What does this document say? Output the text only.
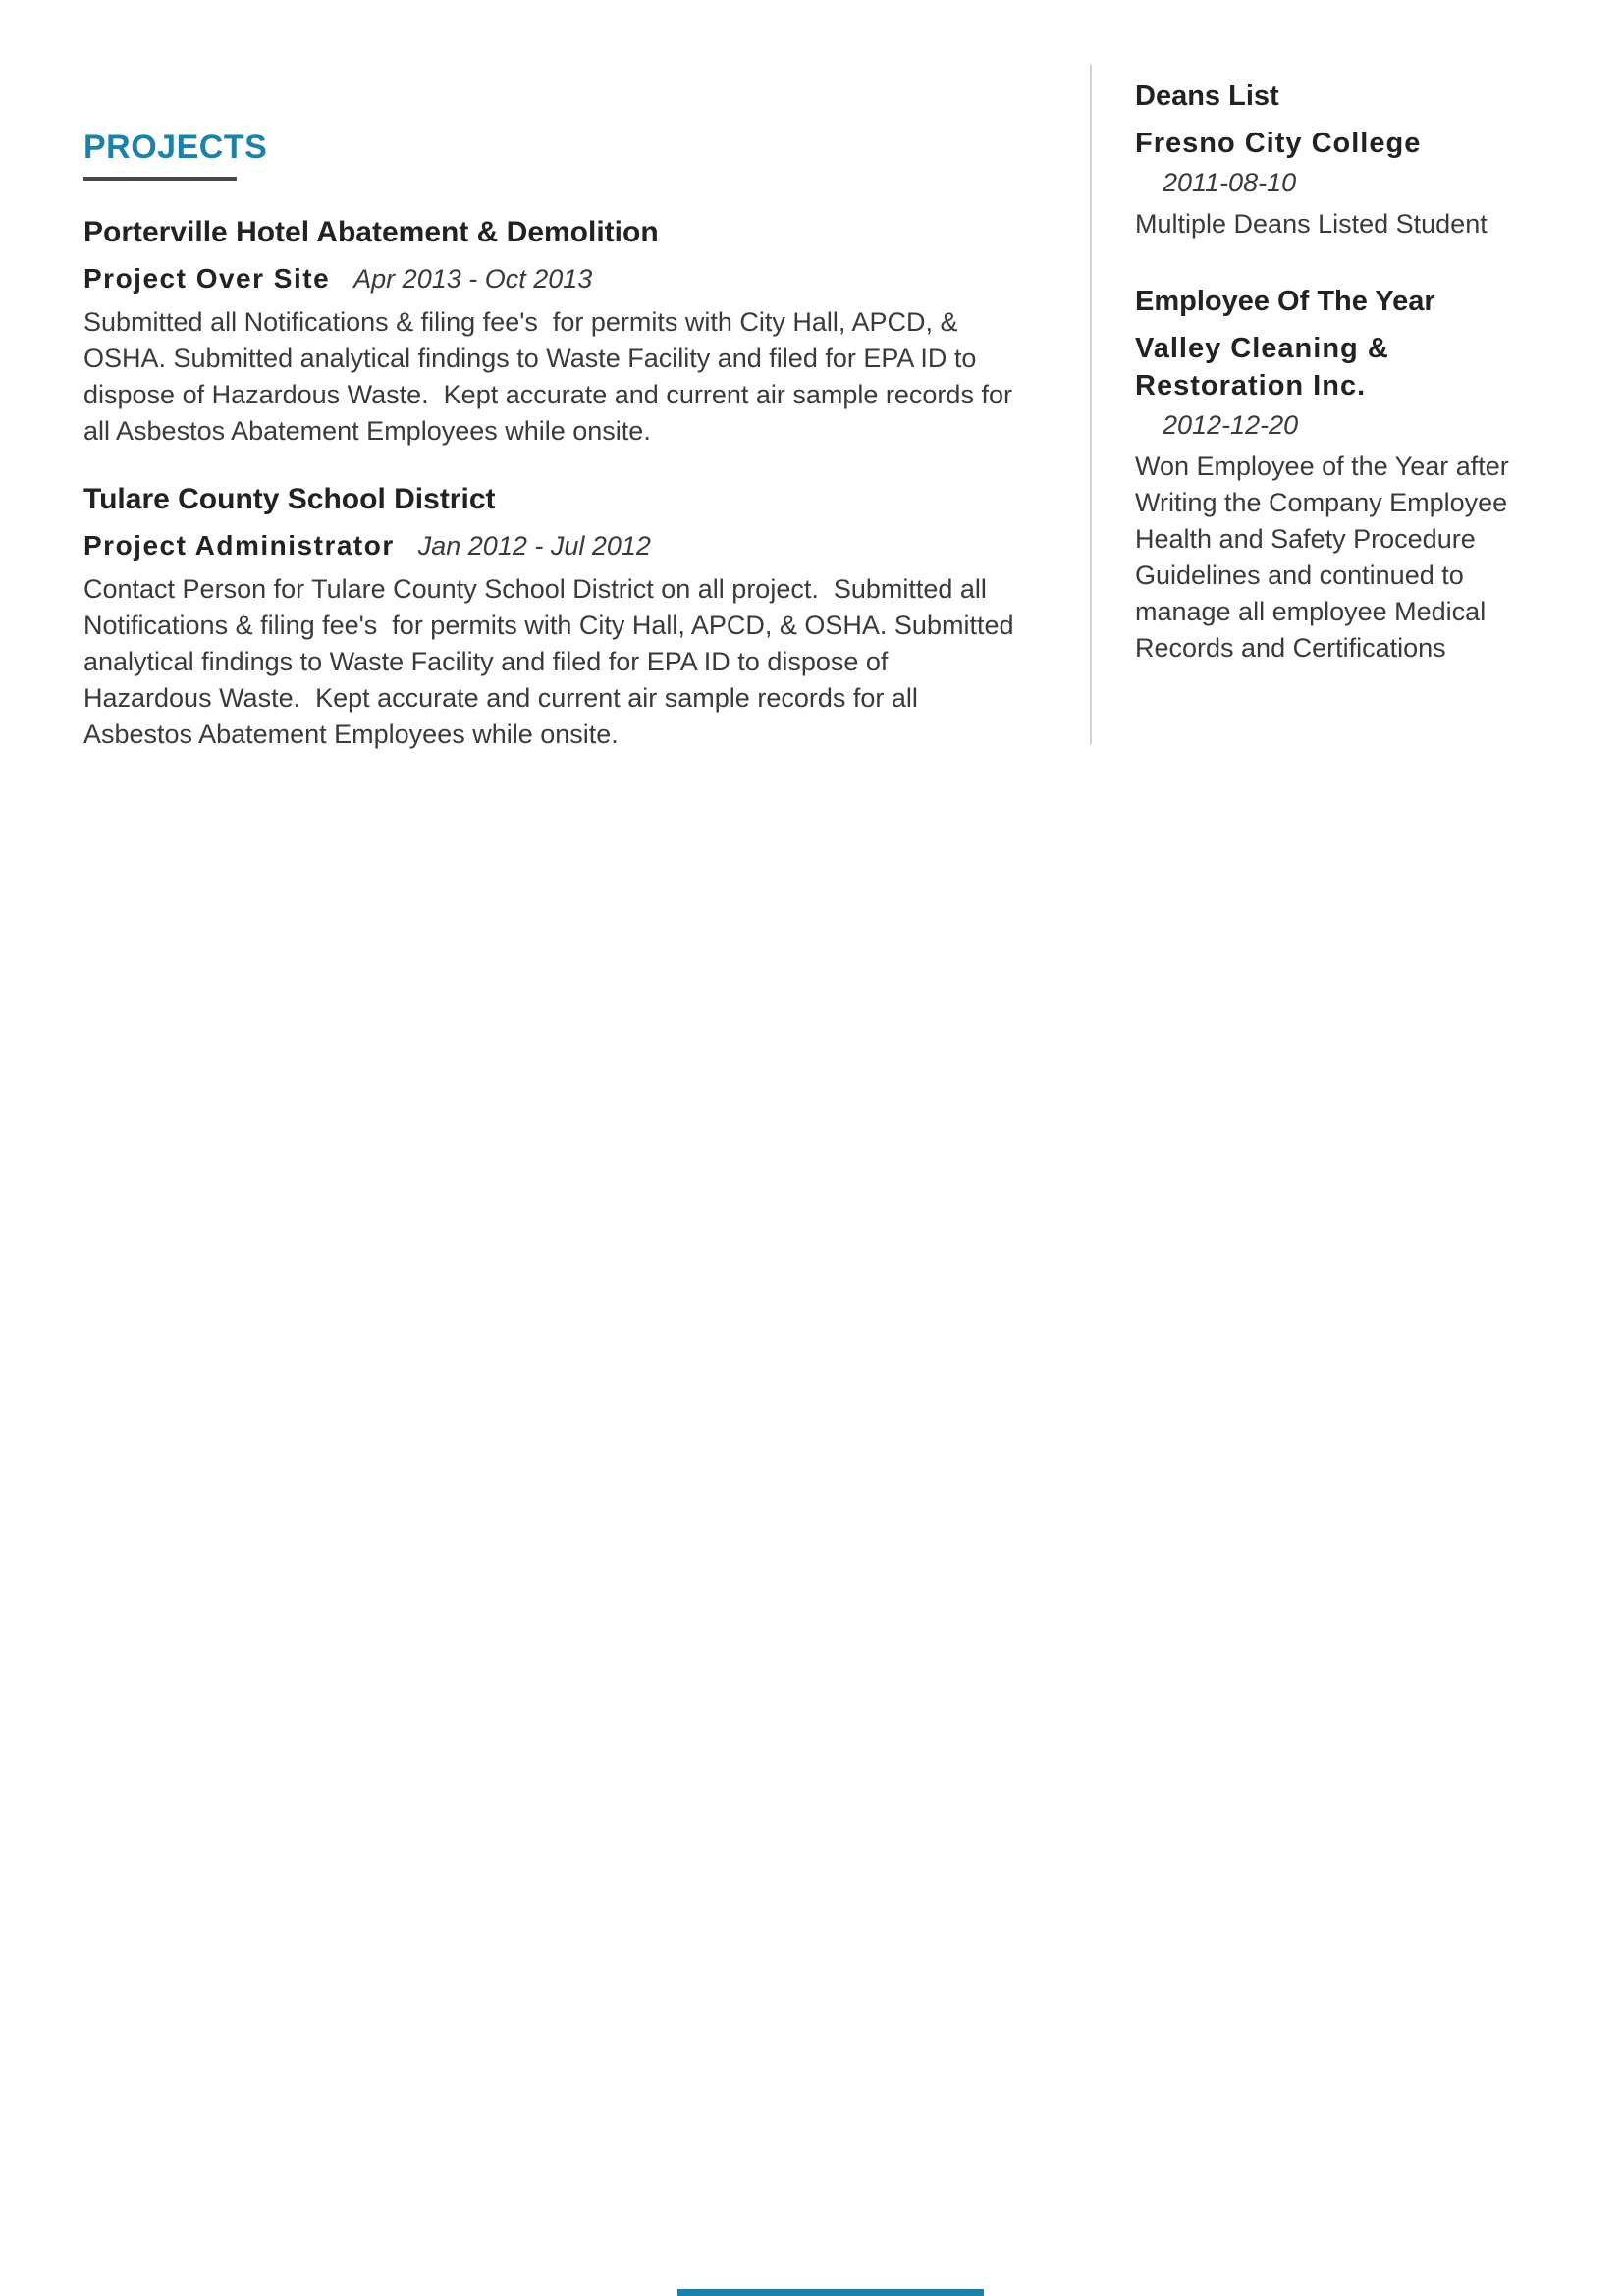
PROJECTS
Porterville Hotel Abatement & Demolition
Project Over Site Apr 2013 - Oct 2013
Submitted all Notifications & filing fee's  for permits with City Hall, APCD, & OSHA. Submitted analytical findings to Waste Facility and filed for EPA ID to dispose of Hazardous Waste.  Kept accurate and current air sample records for all Asbestos Abatement Employees while onsite.
Tulare County School District
Project Administrator Jan 2012 - Jul 2012
Contact Person for Tulare County School District on all project.  Submitted all Notifications & filing fee's  for permits with City Hall, APCD, & OSHA. Submitted analytical findings to Waste Facility and filed for EPA ID to dispose of Hazardous Waste.  Kept accurate and current air sample records for all Asbestos Abatement Employees while onsite.
Deans List
Fresno City College
2011-08-10
Multiple Deans Listed Student
Employee Of The Year
Valley Cleaning & Restoration Inc.
2012-12-20
Won Employee of the Year after Writing the Company Employee Health and Safety Procedure Guidelines and continued to manage all employee Medical Records and Certifications
